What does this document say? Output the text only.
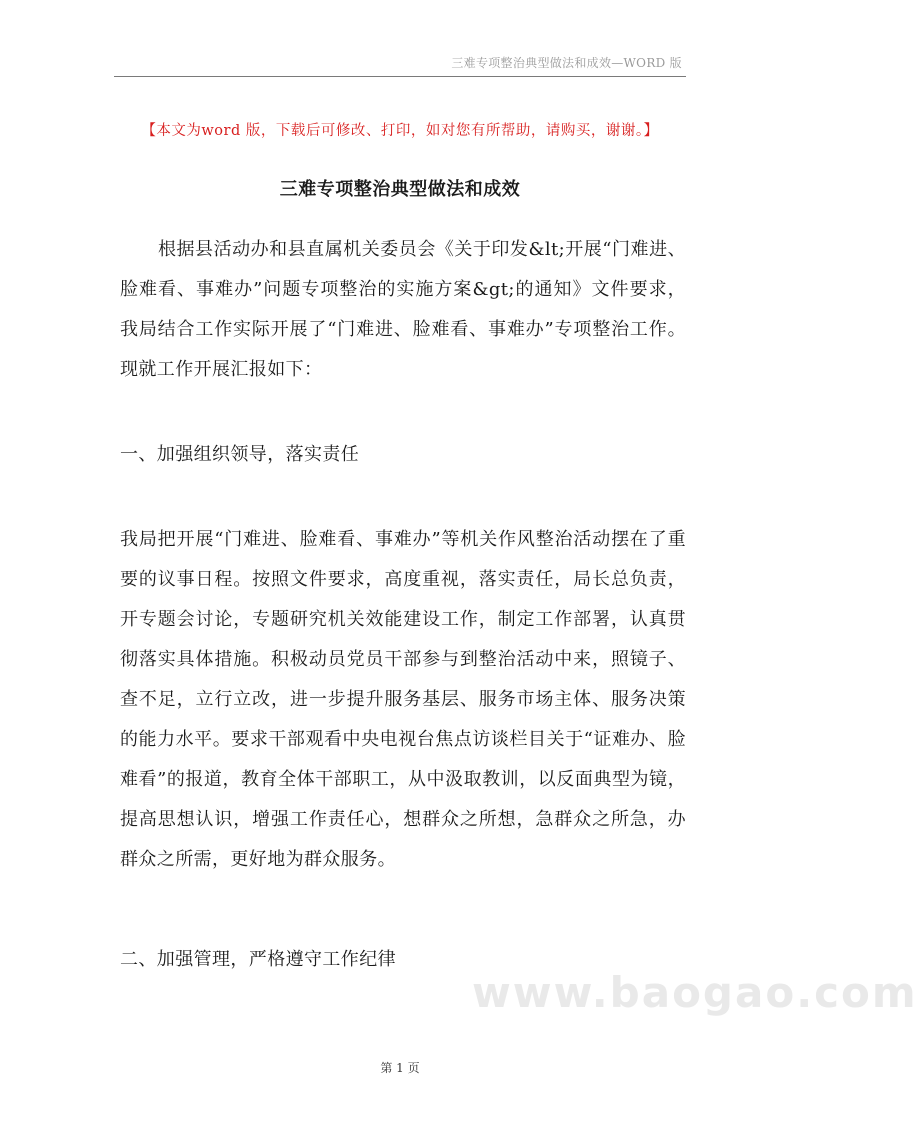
三难专项整治典型做法和成效—WORD 版
【本文为word 版，下载后可修改、打印，如对您有所帮助，请购买，谢谢。】
三难专项整治典型做法和成效
根据县活动办和县直属机关委员会《关于印发&lt;开展“门难进、脸难看、事难办”问题专项整治的实施方案&gt;的通知》文件要求，我局结合工作实际开展了“门难进、脸难看、事难办”专项整治工作。现就工作开展汇报如下：
一、加强组织领导，落实责任
我局把开展“门难进、脸难看、事难办”等机关作风整治活动摆在了重要的议事日程。按照文件要求，高度重视，落实责任，局长总负责，开专题会讨论，专题研究机关效能建设工作，制定工作部署，认真贯彻落实具体措施。积极动员党员干部参与到整治活动中来，照镜子、查不足，立行立改，进一步提升服务基层、服务市场主体、服务决策的能力水平。要求干部观看中央电视台焦点访谈栏目关于“证难办、脸难看”的报道，教育全体干部职工，从中汲取教训，以反面典型为镜，提高思想认识，增强工作责任心，想群众之所想，急群众之所急，办群众之所需，更好地为群众服务。
二、加强管理，严格遵守工作纪律
www.baogao.com
第 1 页
